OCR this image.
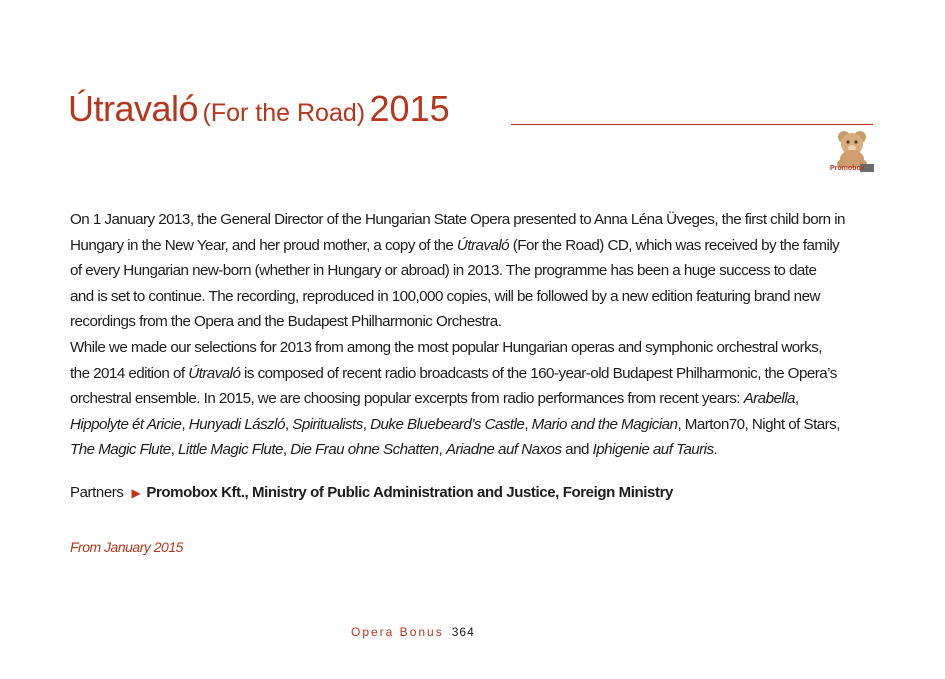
Útravaló (For the Road) 2015
Promobox

On 1 January 2013, the General Director of the Hungarian State Opera presented to Anna Léna Üveges, the first child born in

Hungary in the New Year, and her proud mother, a copy of the Útravaló (For the Road) CD, which was received by the family

of every Hungarian new-born (whether in Hungary or abroad) in 2013. The programme has been a huge success to date

and is set to continue. The recording, reproduced in 100,000 copies, will be followed by a new edition featuring brand new

recordings from the Opera and the Budapest Philharmonic Orchestra.

While we made our selections for 2013 from among the most popular Hungarian operas and symphonic orchestral works,

the 2014 edition of Útravaló is composed of recent radio broadcasts of the 160-year-old Budapest Philharmonic, the Opera’s

orchestral ensemble. In 2015, we are choosing popular excerpts from radio performances from recent years: Arabella,

Hippolyte ét Aricie, Hunyadi László, Spiritualists, Duke Bluebeard’s Castle, Mario and the Magician, Marton70, Night of Stars,

The Magic Flute, Little Magic Flute, Die Frau ohne Schatten, Ariadne auf Naxos and Iphigenie auf Tauris.

Partners ▶ Promobox Kft., Ministry of Public Administration and Justice, Foreign Ministry
From January 2015
Opera Bonus 364
